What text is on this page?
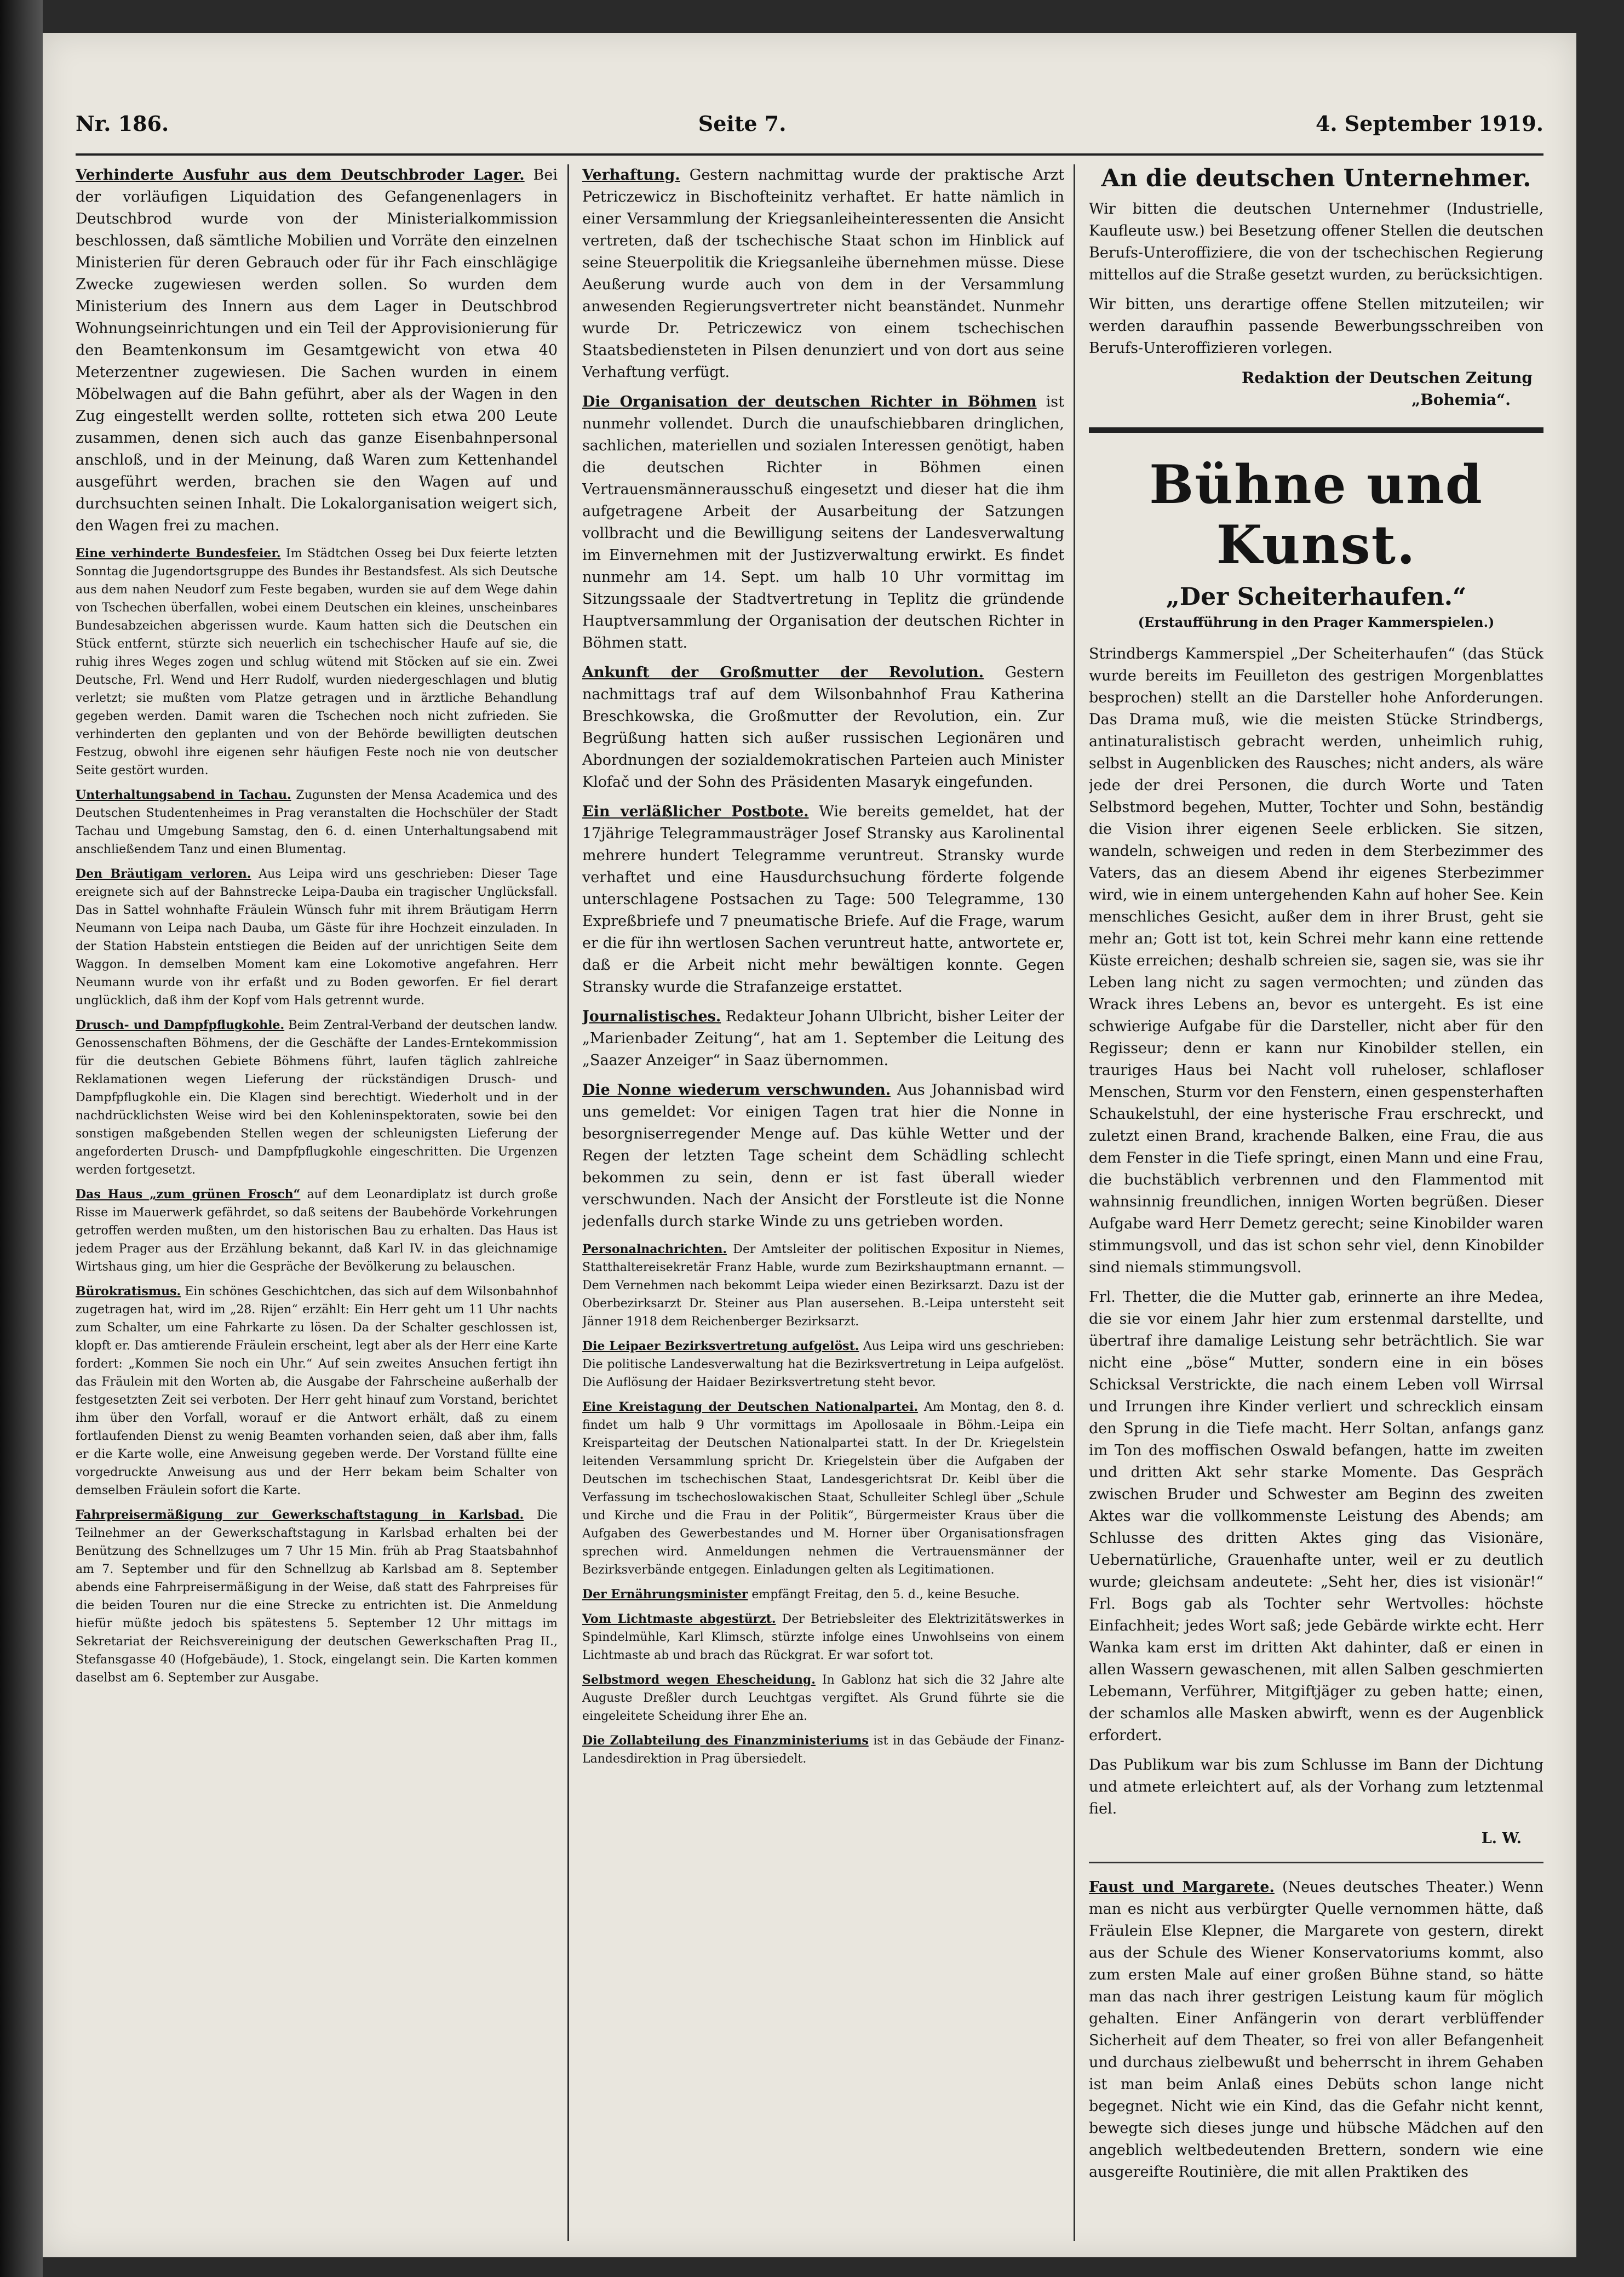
Nr. 186.	Seite 7.	4. September 1919.

Verhinderte Ausfuhr aus dem Deutschbroder Lager. Bei der vorläufigen Liquidation des Gefangenenlagers in Deutschbrod wurde von der Ministerialkommission beschlossen, daß sämtliche Mobilien und Vorräte den einzelnen Ministerien für deren Gebrauch oder für ihr Fach einschlägige Zwecke zugewiesen werden sollen. So wurden dem Ministerium des Innern aus dem Lager in Deutschbrod Wohnungseinrichtungen und ein Teil der Approvisionierung für den Beamtenkonsum im Gesamtgewicht von etwa 40 Meterzentner zugewiesen. Die Sachen wurden in einem Möbelwagen auf die Bahn geführt, aber als der Wagen in den Zug eingestellt werden sollte, rotteten sich etwa 200 Leute zusammen, denen sich auch das ganze Eisenbahnpersonal anschloß, und in der Meinung, daß Waren zum Kettenhandel ausgeführt werden, brachen sie den Wagen auf und durchsuchten seinen Inhalt. Die Lokalorganisation weigert sich, den Wagen frei zu machen.

Eine verhinderte Bundesfeier. Im Städtchen Osseg bei Dux feierte letzten Sonntag die Jugendortsgruppe des Bundes ihr Bestandsfest. Als sich Deutsche aus dem nahen Neudorf zum Feste begaben, wurden sie auf dem Wege dahin von Tschechen überfallen, wobei einem Deutschen ein kleines, unscheinbares Bundesabzeichen abgerissen wurde. Kaum hatten sich die Deutschen ein Stück entfernt, stürzte sich neuerlich ein tschechischer Haufe auf sie, die ruhig ihres Weges zogen und schlug wütend mit Stöcken auf sie ein. Zwei Deutsche, Frl. Wend und Herr Rudolf, wurden niedergeschlagen und blutig verletzt; sie mußten vom Platze getragen und in ärztliche Behandlung gegeben werden. Damit waren die Tschechen noch nicht zufrieden. Sie verhinderten den geplanten und von der Behörde bewilligten deutschen Festzug, obwohl ihre eigenen sehr häufigen Feste noch nie von deutscher Seite gestört wurden.

Unterhaltungsabend in Tachau. Zugunsten der Mensa Academica und des Deutschen Studentenheimes in Prag veranstalten die Hochschüler der Stadt Tachau und Umgebung Samstag, den 6. d. einen Unterhaltungsabend mit anschließendem Tanz und einen Blumentag.

Den Bräutigam verloren. Aus Leipa wird uns geschrieben: Dieser Tage ereignete sich auf der Bahnstrecke Leipa-Dauba ein tragischer Unglücksfall. Das in Sattel wohnhafte Fräulein Wünsch fuhr mit ihrem Bräutigam Herrn Neumann von Leipa nach Dauba, um Gäste für ihre Hochzeit einzuladen. In der Station Habstein entstiegen die Beiden auf der unrichtigen Seite dem Waggon. In demselben Moment kam eine Lokomotive angefahren. Herr Neumann wurde von ihr erfaßt und zu Boden geworfen. Er fiel derart unglücklich, daß ihm der Kopf vom Hals getrennt wurde.

Drusch- und Dampfpflugkohle. Beim Zentral-Verband der deutschen landw. Genossenschaften Böhmens, der die Geschäfte der Landes-Erntekommission für die deutschen Gebiete Böhmens führt, laufen täglich zahlreiche Reklamationen wegen Lieferung der rückständigen Drusch- und Dampfpflugkohle ein. Die Klagen sind berechtigt. Wiederholt und in der nachdrücklichsten Weise wird bei den Kohleninspektoraten, sowie bei den sonstigen maßgebenden Stellen wegen der schleunigsten Lieferung der angeforderten Drusch- und Dampfpflugkohle eingeschritten. Die Urgenzen werden fortgesetzt.

Das Haus „zum grünen Frosch“ auf dem Leonardiplatz ist durch große Risse im Mauerwerk gefährdet, so daß seitens der Baubehörde Vorkehrungen getroffen werden mußten, um den historischen Bau zu erhalten. Das Haus ist jedem Prager aus der Erzählung bekannt, daß Karl IV. in das gleichnamige Wirtshaus ging, um hier die Gespräche der Bevölkerung zu belauschen.

Bürokratismus. Ein schönes Geschichtchen, das sich auf dem Wilsonbahnhof zugetragen hat, wird im „28. Rijen“ erzählt: Ein Herr geht um 11 Uhr nachts zum Schalter, um eine Fahrkarte zu lösen. Da der Schalter geschlossen ist, klopft er. Das amtierende Fräulein erscheint, legt aber als der Herr eine Karte fordert: „Kommen Sie noch ein Uhr.“ Auf sein zweites Ansuchen fertigt ihn das Fräulein mit den Worten ab, die Ausgabe der Fahrscheine außerhalb der festgesetzten Zeit sei verboten. Der Herr geht hinauf zum Vorstand, berichtet ihm über den Vorfall, worauf er die Antwort erhält, daß zu einem fortlaufenden Dienst zu wenig Beamten vorhanden seien, daß aber ihm, falls er die Karte wolle, eine Anweisung gegeben werde. Der Vorstand füllte eine vorgedruckte Anweisung aus und der Herr bekam beim Schalter von demselben Fräulein sofort die Karte.

Fahrpreisermäßigung zur Gewerkschaftstagung in Karlsbad. Die Teilnehmer an der Gewerkschaftstagung in Karlsbad erhalten bei der Benützung des Schnellzuges um 7 Uhr 15 Min. früh ab Prag Staatsbahnhof am 7. September und für den Schnellzug ab Karlsbad am 8. September abends eine Fahrpreisermäßigung in der Weise, daß statt des Fahrpreises für die beiden Touren nur die eine Strecke zu entrichten ist. Die Anmeldung hiefür müßte jedoch bis spätestens 5. September 12 Uhr mittags im Sekretariat der Reichsvereinigung der deutschen Gewerkschaften Prag II., Stefansgasse 40 (Hofgebäude), 1. Stock, eingelangt sein. Die Karten kommen daselbst am 6. September zur Ausgabe.

Verhaftung. Gestern nachmittag wurde der praktische Arzt Petriczewicz in Bischofteinitz verhaftet. Er hatte nämlich in einer Versammlung der Kriegsanleiheinteressenten die Ansicht vertreten, daß der tschechische Staat schon im Hinblick auf seine Steuerpolitik die Kriegsanleihe übernehmen müsse. Diese Aeußerung wurde auch von dem in der Versammlung anwesenden Regierungsvertreter nicht beanständet. Nunmehr wurde Dr. Petriczewicz von einem tschechischen Staatsbediensteten in Pilsen denunziert und von dort aus seine Verhaftung verfügt.

Die Organisation der deutschen Richter in Böhmen ist nunmehr vollendet. Durch die unaufschiebbaren dringlichen, sachlichen, materiellen und sozialen Interessen genötigt, haben die deutschen Richter in Böhmen einen Vertrauensmännerausschuß eingesetzt und dieser hat die ihm aufgetragene Arbeit der Ausarbeitung der Satzungen vollbracht und die Bewilligung seitens der Landesverwaltung im Einvernehmen mit der Justizverwaltung erwirkt. Es findet nunmehr am 14. Sept. um halb 10 Uhr vormittag im Sitzungssaale der Stadtvertretung in Teplitz die gründende Hauptversammlung der Organisation der deutschen Richter in Böhmen statt.

Ankunft der Großmutter der Revolution. Gestern nachmittags traf auf dem Wilsonbahnhof Frau Katherina Breschkowska, die Großmutter der Revolution, ein. Zur Begrüßung hatten sich außer russischen Legionären und Abordnungen der sozialdemokratischen Parteien auch Minister Klofač und der Sohn des Präsidenten Masaryk eingefunden.

Ein verläßlicher Postbote. Wie bereits gemeldet, hat der 17jährige Telegrammausträger Josef Stransky aus Karolinental mehrere hundert Telegramme veruntreut. Stransky wurde verhaftet und eine Hausdurchsuchung förderte folgende unterschlagene Postsachen zu Tage: 500 Telegramme, 130 Expreßbriefe und 7 pneumatische Briefe. Auf die Frage, warum er die für ihn wertlosen Sachen veruntreut hatte, antwortete er, daß er die Arbeit nicht mehr bewältigen konnte. Gegen Stransky wurde die Strafanzeige erstattet.

Journalistisches. Redakteur Johann Ulbricht, bisher Leiter der „Marienbader Zeitung“, hat am 1. September die Leitung des „Saazer Anzeiger“ in Saaz übernommen.

Die Nonne wiederum verschwunden. Aus Johannisbad wird uns gemeldet: Vor einigen Tagen trat hier die Nonne in besorgniserregender Menge auf. Das kühle Wetter und der Regen der letzten Tage scheint dem Schädling schlecht bekommen zu sein, denn er ist fast überall wieder verschwunden. Nach der Ansicht der Forstleute ist die Nonne jedenfalls durch starke Winde zu uns getrieben worden.

Personalnachrichten. Der Amtsleiter der politischen Expositur in Niemes, Statthaltereisekretär Franz Hable, wurde zum Bezirkshauptmann ernannt. — Dem Vernehmen nach bekommt Leipa wieder einen Bezirksarzt. Dazu ist der Oberbezirksarzt Dr. Steiner aus Plan ausersehen. B.-Leipa untersteht seit Jänner 1918 dem Reichenberger Bezirksarzt.

Die Leipaer Bezirksvertretung aufgelöst. Aus Leipa wird uns geschrieben: Die politische Landesverwaltung hat die Bezirksvertretung in Leipa aufgelöst. Die Auflösung der Haidaer Bezirksvertretung steht bevor.

Eine Kreistagung der Deutschen Nationalpartei. Am Montag, den 8. d. findet um halb 9 Uhr vormittags im Apollosaale in Böhm.-Leipa ein Kreisparteitag der Deutschen Nationalpartei statt. In der Dr. Kriegelstein leitenden Versammlung spricht Dr. Kriegelstein über die Aufgaben der Deutschen im tschechischen Staat, Landesgerichtsrat Dr. Keibl über die Verfassung im tschechoslowakischen Staat, Schulleiter Schlegl über „Schule und Kirche und die Frau in der Politik“, Bürgermeister Kraus über die Aufgaben des Gewerbestandes und M. Horner über Organisationsfragen sprechen wird. Anmeldungen nehmen die Vertrauensmänner der Bezirksverbände entgegen. Einladungen gelten als Legitimationen.

Der Ernährungsminister empfängt Freitag, den 5. d., keine Besuche.

Vom Lichtmaste abgestürzt. Der Betriebsleiter des Elektrizitätswerkes in Spindelmühle, Karl Klimsch, stürzte infolge eines Unwohlseins von einem Lichtmaste ab und brach das Rückgrat. Er war sofort tot.

Selbstmord wegen Ehescheidung. In Gablonz hat sich die 32 Jahre alte Auguste Dreßler durch Leuchtgas vergiftet. Als Grund führte sie die eingeleitete Scheidung ihrer Ehe an.

Die Zollabteilung des Finanzministeriums ist in das Gebäude der Finanz-Landesdirektion in Prag übersiedelt.

An die deutschen Unternehmer.

Wir bitten die deutschen Unternehmer (Industrielle, Kaufleute usw.) bei Besetzung offener Stellen die deutschen Berufs-Unteroffiziere, die von der tschechischen Regierung mittellos auf die Straße gesetzt wurden, zu berücksichtigen.

Wir bitten, uns derartige offene Stellen mitzuteilen; wir werden daraufhin passende Bewerbungsschreiben von Berufs-Unteroffizieren vorlegen.

Redaktion der Deutschen Zeitung
„Bohemia“.
Bühne und Kunst.
„Der Scheiterhaufen.“
(Erstaufführung in den Prager Kammerspielen.)

Strindbergs Kammerspiel „Der Scheiterhaufen“ (das Stück wurde bereits im Feuilleton des gestrigen Morgenblattes besprochen) stellt an die Darsteller hohe Anforderungen. Das Drama muß, wie die meisten Stücke Strindbergs, antinaturalistisch gebracht werden, unheimlich ruhig, selbst in Augenblicken des Rausches; nicht anders, als wäre jede der drei Personen, die durch Worte und Taten Selbstmord begehen, Mutter, Tochter und Sohn, beständig die Vision ihrer eigenen Seele erblicken. Sie sitzen, wandeln, schweigen und reden in dem Sterbezimmer des Vaters, das an diesem Abend ihr eigenes Sterbezimmer wird, wie in einem untergehenden Kahn auf hoher See. Kein menschliches Gesicht, außer dem in ihrer Brust, geht sie mehr an; Gott ist tot, kein Schrei mehr kann eine rettende Küste erreichen; deshalb schreien sie, sagen sie, was sie ihr Leben lang nicht zu sagen vermochten; und zünden das Wrack ihres Lebens an, bevor es untergeht. Es ist eine schwierige Aufgabe für die Darsteller, nicht aber für den Regisseur; denn er kann nur Kinobilder stellen, ein trauriges Haus bei Nacht voll ruheloser, schlafloser Menschen, Sturm vor den Fenstern, einen gespensterhaften Schaukelstuhl, der eine hysterische Frau erschreckt, und zuletzt einen Brand, krachende Balken, eine Frau, die aus dem Fenster in die Tiefe springt, einen Mann und eine Frau, die buchstäblich verbrennen und den Flammentod mit wahnsinnig freundlichen, innigen Worten begrüßen. Dieser Aufgabe ward Herr Demetz gerecht; seine Kinobilder waren stimmungsvoll, und das ist schon sehr viel, denn Kinobilder sind niemals stimmungsvoll.

Frl. Thetter, die die Mutter gab, erinnerte an ihre Medea, die sie vor einem Jahr hier zum erstenmal darstellte, und übertraf ihre damalige Leistung sehr beträchtlich. Sie war nicht eine „böse“ Mutter, sondern eine in ein böses Schicksal Verstrickte, die nach einem Leben voll Wirrsal und Irrungen ihre Kinder verliert und schrecklich einsam den Sprung in die Tiefe macht. Herr Soltan, anfangs ganz im Ton des moffischen Oswald befangen, hatte im zweiten und dritten Akt sehr starke Momente. Das Gespräch zwischen Bruder und Schwester am Beginn des zweiten Aktes war die vollkommenste Leistung des Abends; am Schlusse des dritten Aktes ging das Visionäre, Uebernatürliche, Grauenhafte unter, weil er zu deutlich wurde; gleichsam andeutete: „Seht her, dies ist visionär!“ Frl. Bogs gab als Tochter sehr Wertvolles: höchste Einfachheit; jedes Wort saß; jede Gebärde wirkte echt. Herr Wanka kam erst im dritten Akt dahinter, daß er einen in allen Wassern gewaschenen, mit allen Salben geschmierten Lebemann, Verführer, Mitgiftjäger zu geben hatte; einen, der schamlos alle Masken abwirft, wenn es der Augenblick erfordert.

Das Publikum war bis zum Schlusse im Bann der Dichtung und atmete erleichtert auf, als der Vorhang zum letztenmal fiel.

L. W.

Faust und Margarete. (Neues deutsches Theater.) Wenn man es nicht aus verbürgter Quelle vernommen hätte, daß Fräulein Else Klepner, die Margarete von gestern, direkt aus der Schule des Wiener Konservatoriums kommt, also zum ersten Male auf einer großen Bühne stand, so hätte man das nach ihrer gestrigen Leistung kaum für möglich gehalten. Einer Anfängerin von derart verblüffender Sicherheit auf dem Theater, so frei von aller Befangenheit und durchaus zielbewußt und beherrscht in ihrem Gehaben ist man beim Anlaß eines Debüts schon lange nicht begegnet. Nicht wie ein Kind, das die Gefahr nicht kennt, bewegte sich dieses junge und hübsche Mädchen auf den angeblich weltbedeutenden Brettern, sondern wie eine ausgereifte Routinière, die mit allen Praktiken des
